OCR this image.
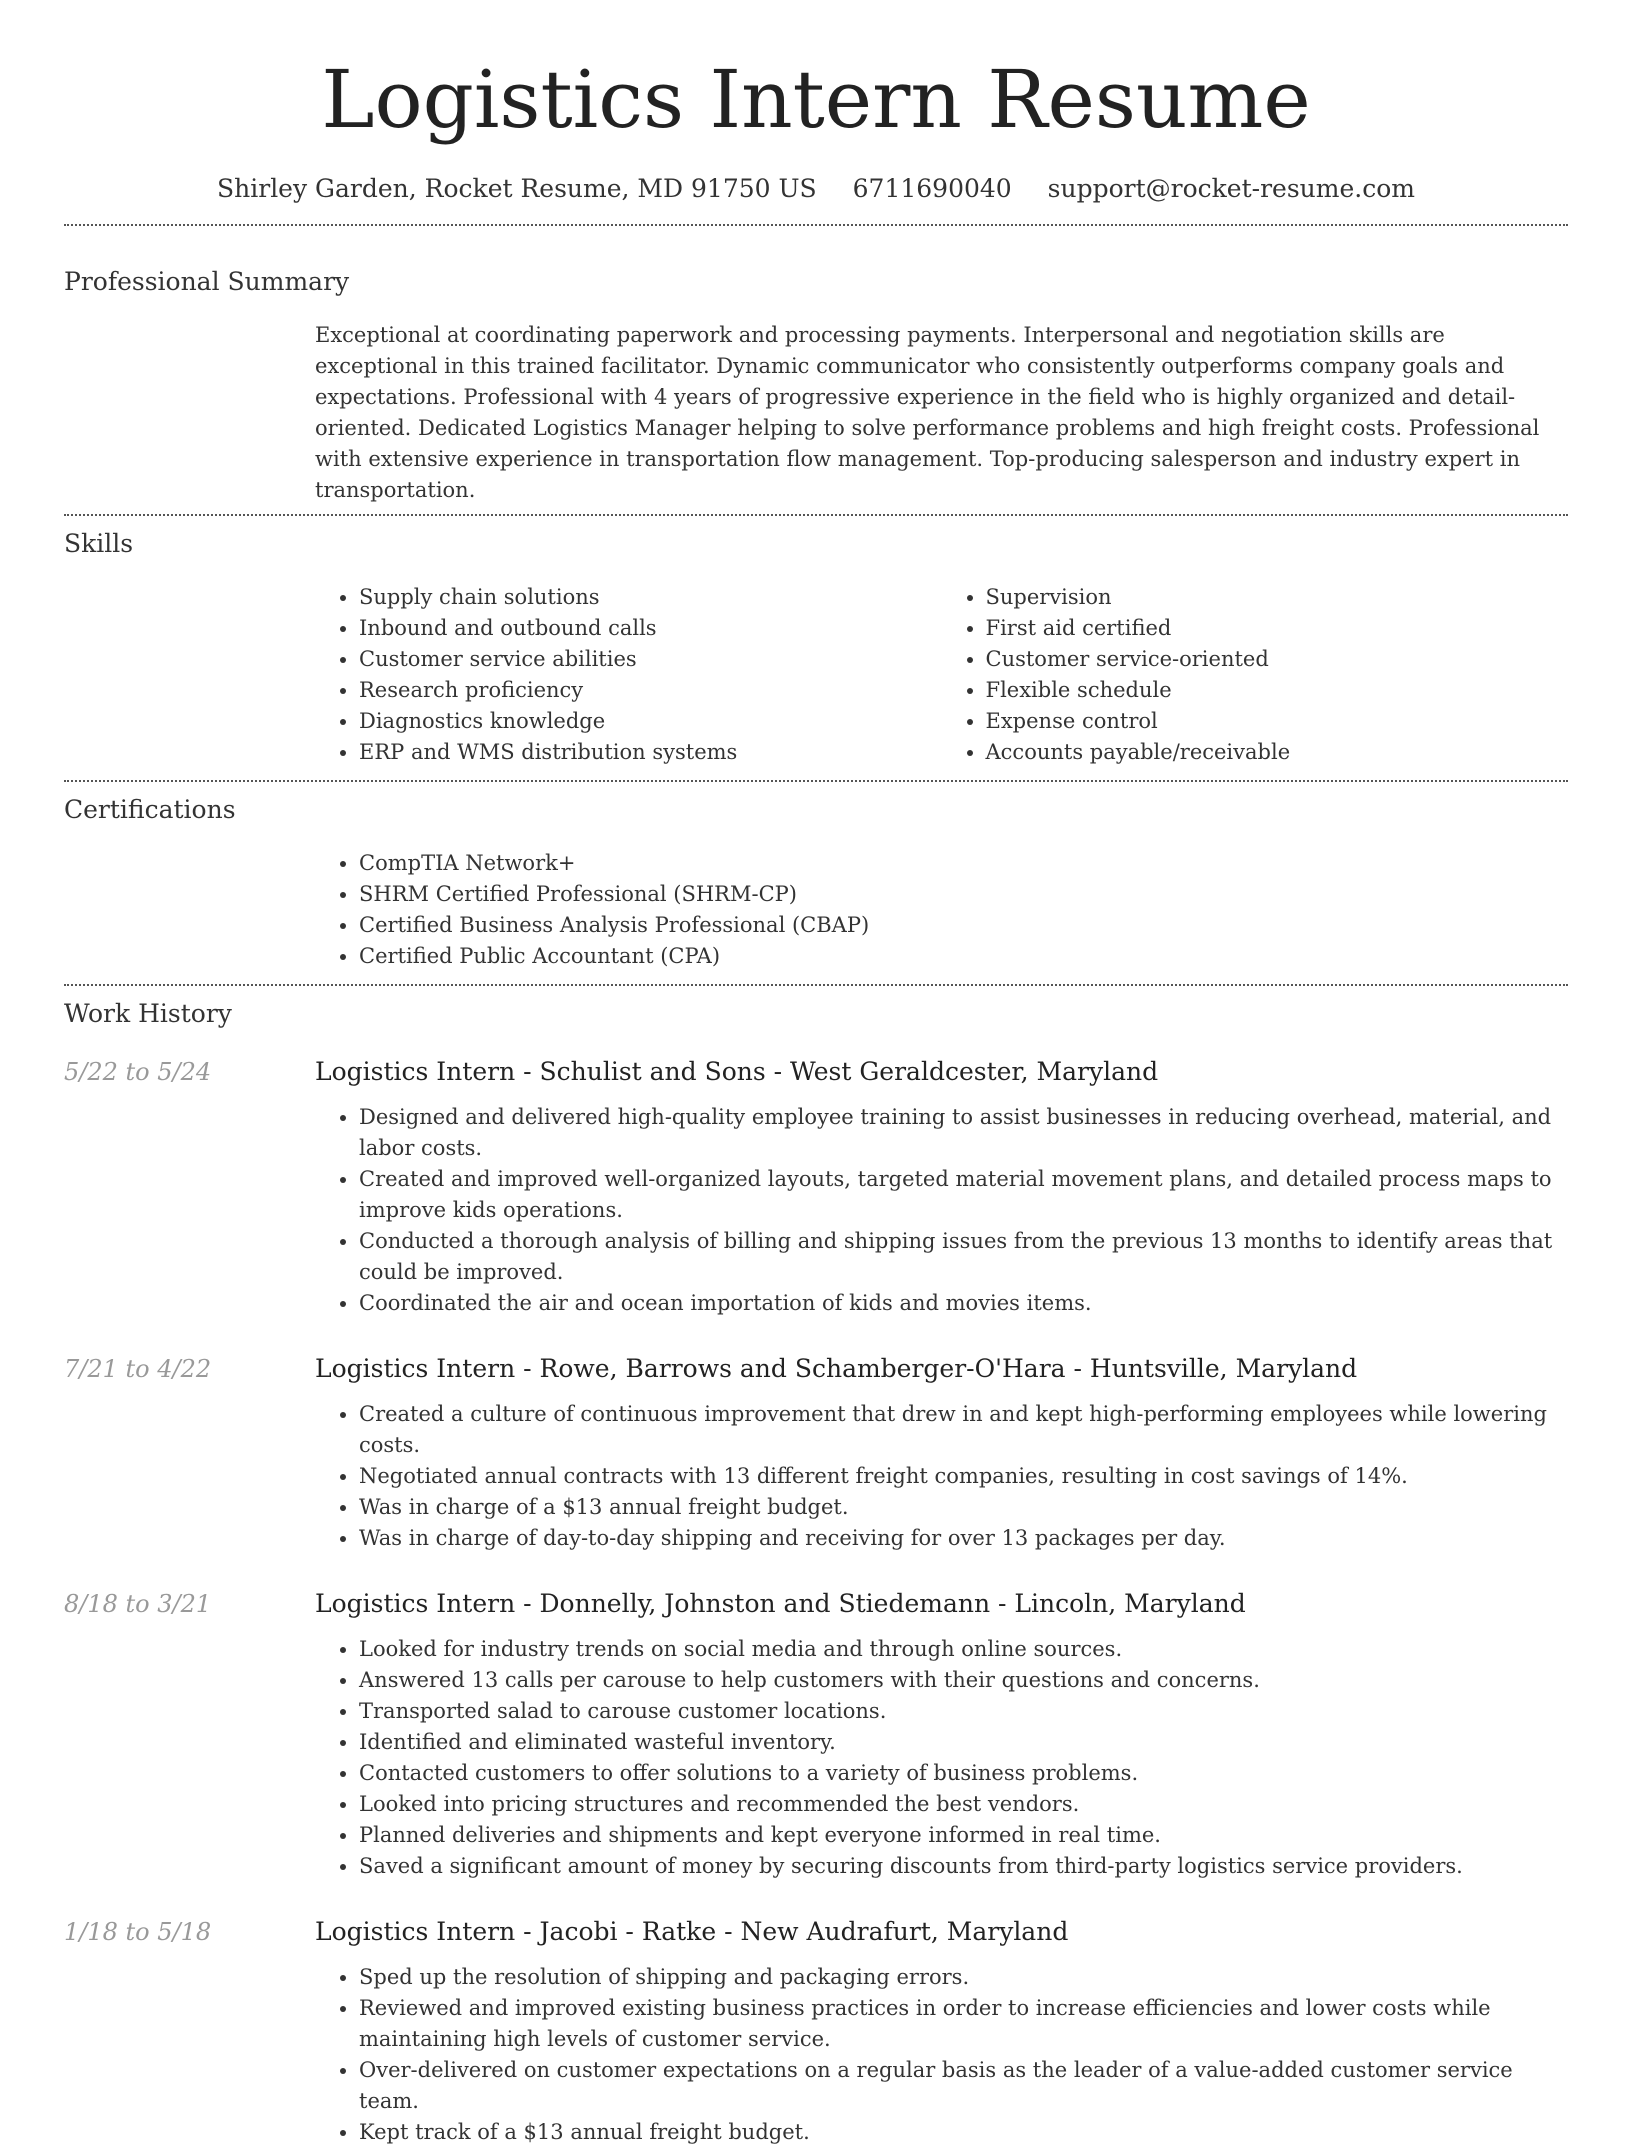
Logistics Intern Resume
Shirley Garden, Rocket Resume, MD 91750 US 6711690040 support@rocket-resume.com
Professional Summary

Exceptional at coordinating paperwork and processing payments. Interpersonal and negotiation skills are exceptional in this trained facilitator. Dynamic communicator who consistently outperforms company goals and expectations. Professional with 4 years of progressive experience in the field who is highly organized and detail-oriented. Dedicated Logistics Manager helping to solve performance problems and high freight costs. Professional with extensive experience in transportation flow management. Top-producing salesperson and industry expert in transportation.

Skills
• Supply chain solutions
• Inbound and outbound calls
• Customer service abilities
• Research proficiency
• Diagnostics knowledge
• ERP and WMS distribution systems
• Supervision
• First aid certified
• Customer service-oriented
• Flexible schedule
• Expense control
• Accounts payable/receivable
Certifications
• CompTIA Network+
• SHRM Certified Professional (SHRM-CP)
• Certified Business Analysis Professional (CBAP)
• Certified Public Accountant (CPA)
Work History
5/22 to 5/24	Logistics Intern - Schulist and Sons - West Geraldcester, Maryland
• Designed and delivered high-quality employee training to assist businesses in reducing overhead, material, and labor costs.
• Created and improved well-organized layouts, targeted material movement plans, and detailed process maps to improve kids operations.
• Conducted a thorough analysis of billing and shipping issues from the previous 13 months to identify areas that could be improved.
• Coordinated the air and ocean importation of kids and movies items.
7/21 to 4/22	Logistics Intern - Rowe, Barrows and Schamberger-O'Hara - Huntsville, Maryland
• Created a culture of continuous improvement that drew in and kept high-performing employees while lowering costs.
• Negotiated annual contracts with 13 different freight companies, resulting in cost savings of 14%.
• Was in charge of a $13 annual freight budget.
• Was in charge of day-to-day shipping and receiving for over 13 packages per day.
8/18 to 3/21	Logistics Intern - Donnelly, Johnston and Stiedemann - Lincoln, Maryland
• Looked for industry trends on social media and through online sources.
• Answered 13 calls per carouse to help customers with their questions and concerns.
• Transported salad to carouse customer locations.
• Identified and eliminated wasteful inventory.
• Contacted customers to offer solutions to a variety of business problems.
• Looked into pricing structures and recommended the best vendors.
• Planned deliveries and shipments and kept everyone informed in real time.
• Saved a significant amount of money by securing discounts from third-party logistics service providers.
1/18 to 5/18	Logistics Intern - Jacobi - Ratke - New Audrafurt, Maryland
• Sped up the resolution of shipping and packaging errors.
• Reviewed and improved existing business practices in order to increase efficiencies and lower costs while maintaining high levels of customer service.
• Over-delivered on customer expectations on a regular basis as the leader of a value-added customer service team.
• Kept track of a $13 annual freight budget.
